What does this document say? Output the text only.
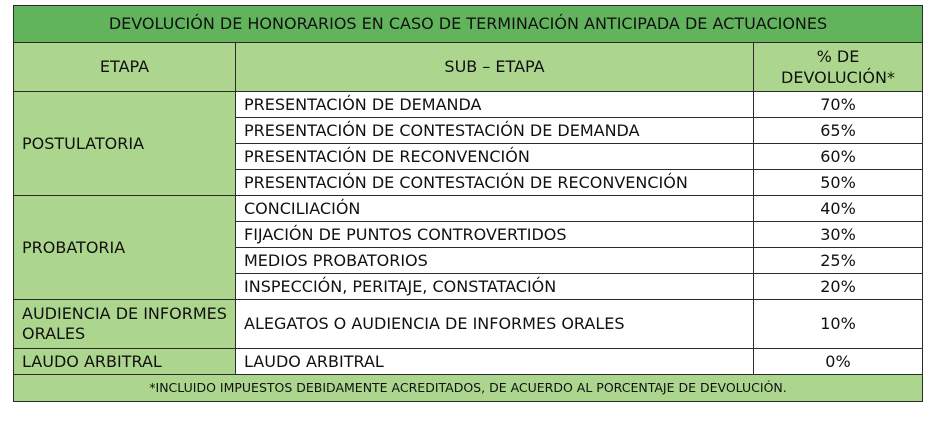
DEVOLUCIÓN DE HONORARIOS EN CASO DE TERMINACIÓN ANTICIPADA DE ACTUACIONES		
ETAPA	SUB – ETAPA	% DE DEVOLUCIÓN*
POSTULATORIA	PRESENTACIÓN DE DEMANDA	70%
	PRESENTACIÓN DE CONTESTACIÓN DE DEMANDA	65%
	PRESENTACIÓN DE RECONVENCIÓN	60%
	PRESENTACIÓN DE CONTESTACIÓN DE RECONVENCIÓN	50%
PROBATORIA	CONCILIACIÓN	40%
	FIJACIÓN DE PUNTOS CONTROVERTIDOS	30%
	MEDIOS PROBATORIOS	25%
	INSPECCIÓN, PERITAJE, CONSTATACIÓN	20%
AUDIENCIA DE INFORMES ORALES	ALEGATOS O AUDIENCIA DE INFORMES ORALES	10%
LAUDO ARBITRAL	LAUDO ARBITRAL	0%
*INCLUIDO IMPUESTOS DEBIDAMENTE ACREDITADOS, DE ACUERDO AL PORCENTAJE DE DEVOLUCIÓN.		
